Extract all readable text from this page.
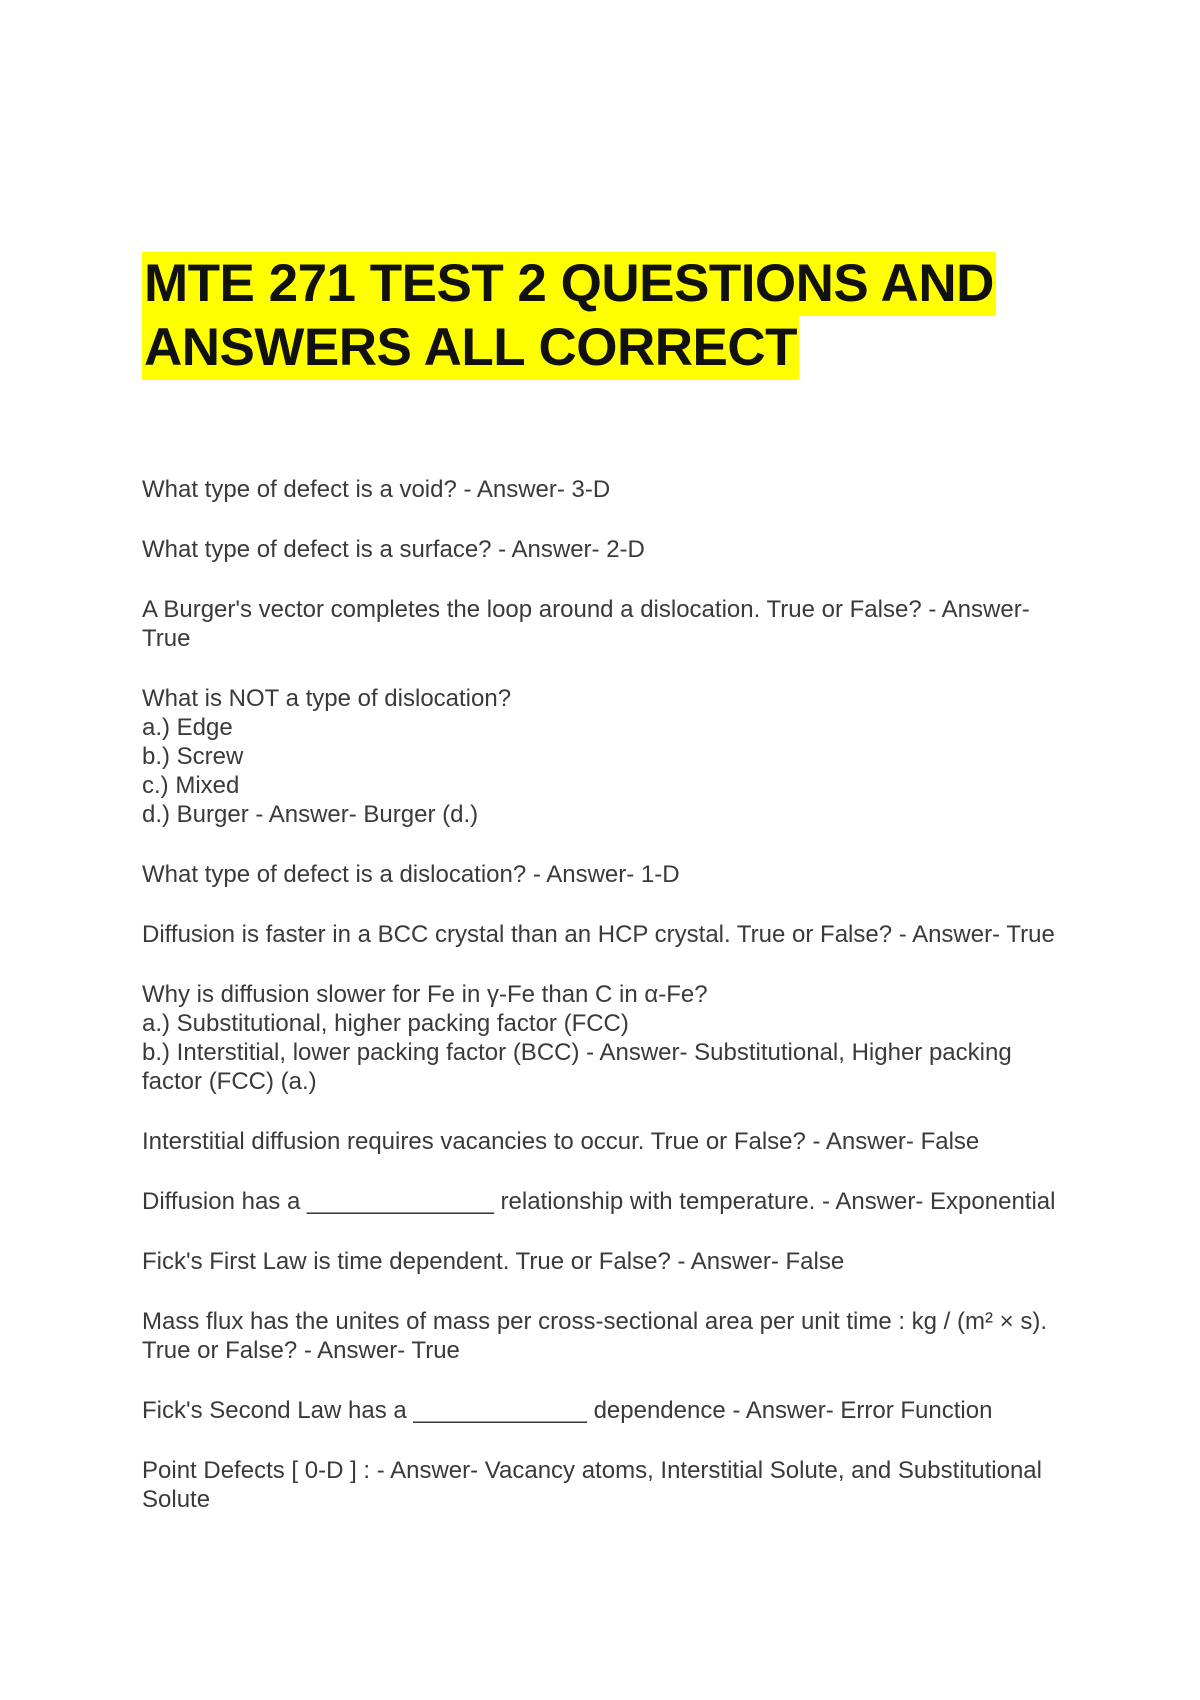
MTE 271 TEST 2 QUESTIONS AND
ANSWERS ALL CORRECT
What type of defect is a void? - Answer- 3-D
What type of defect is a surface? - Answer- 2-D
A Burger's vector completes the loop around a dislocation. True or False? - Answer-
True
What is NOT a type of dislocation?
a.) Edge
b.) Screw
c.) Mixed
d.) Burger - Answer- Burger (d.)
What type of defect is a dislocation? - Answer- 1-D
Diffusion is faster in a BCC crystal than an HCP crystal. True or False? - Answer- True
Why is diffusion slower for Fe in γ-Fe than C in α-Fe?
a.) Substitutional, higher packing factor (FCC)
b.) Interstitial, lower packing factor (BCC) - Answer- Substitutional, Higher packing
factor (FCC) (a.)
Interstitial diffusion requires vacancies to occur. True or False? - Answer- False
Diffusion has a ______________ relationship with temperature. - Answer- Exponential
Fick's First Law is time dependent. True or False? - Answer- False
Mass flux has the unites of mass per cross-sectional area per unit time : kg / (m² × s).
True or False? - Answer- True
Fick's Second Law has a _____________ dependence - Answer- Error Function
Point Defects [ 0-D ] : - Answer- Vacancy atoms, Interstitial Solute, and Substitutional
Solute
